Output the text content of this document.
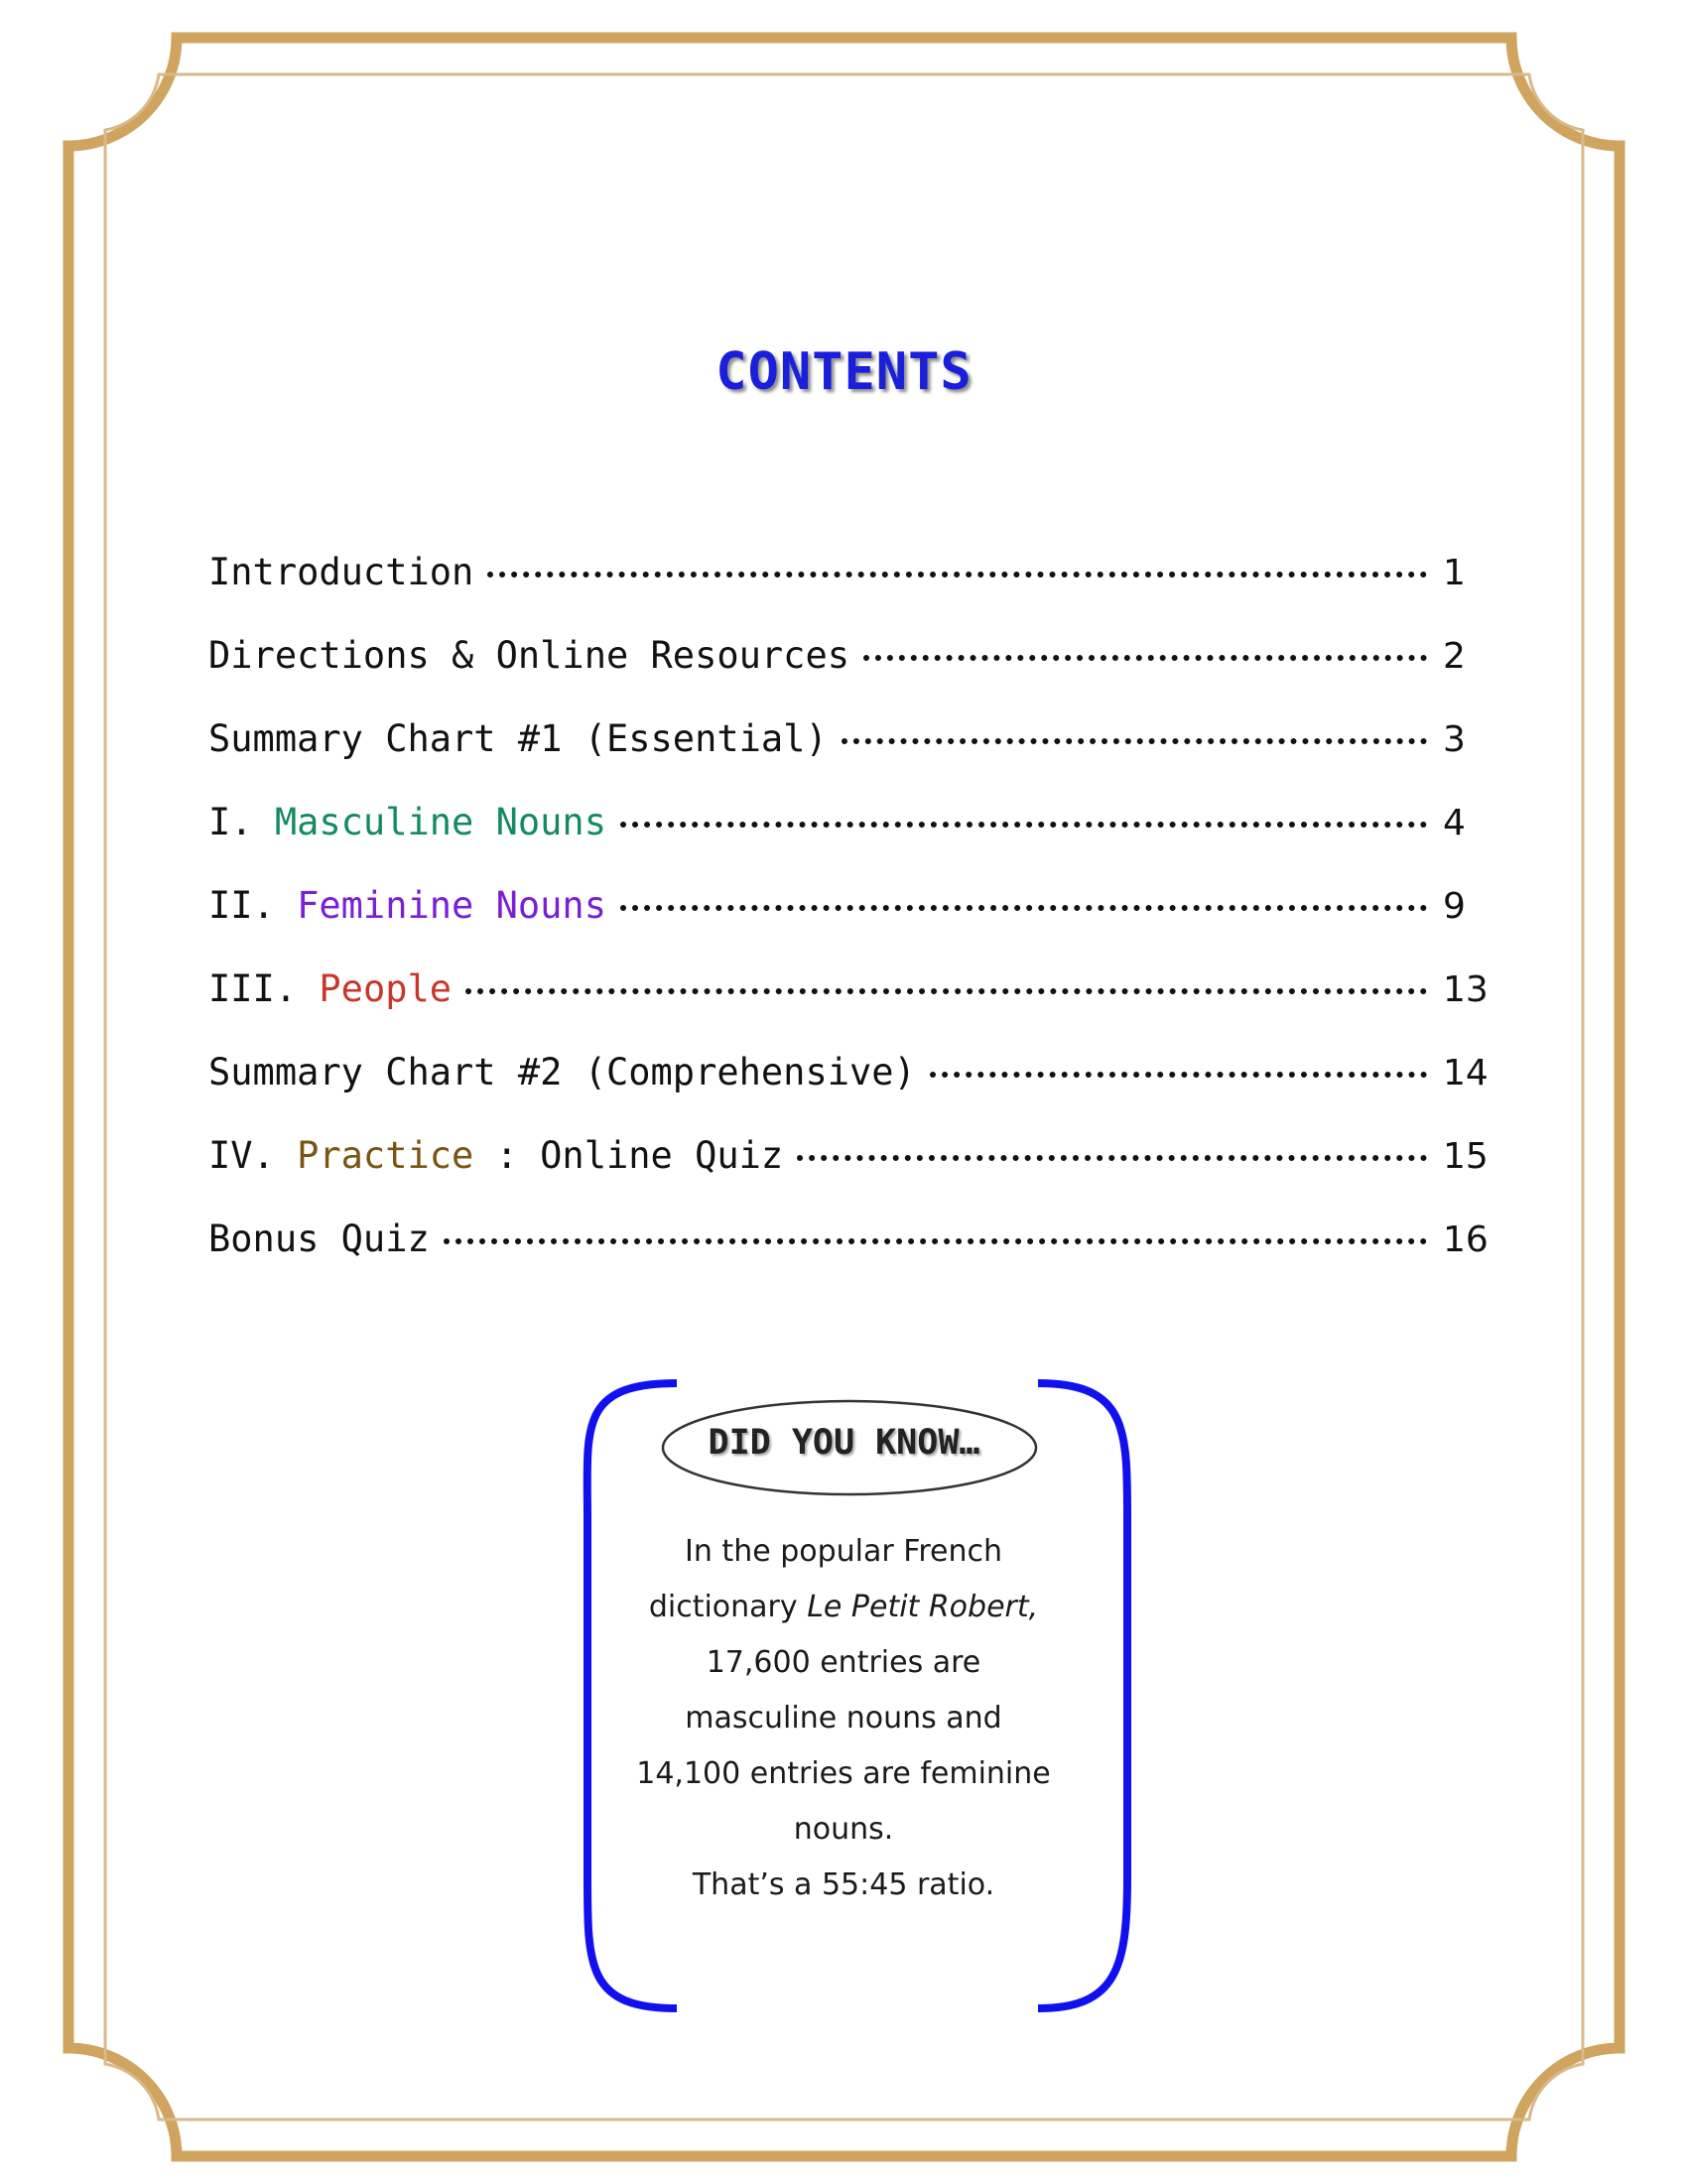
CONTENTS
Introduction	1
Directions & Online Resources	2
Summary Chart #1 (Essential)	3
I. Masculine Nouns	4
II. Feminine Nouns	9
III. People	13
Summary Chart #2 (Comprehensive)	14
IV. Practice : Online Quiz	15
Bonus Quiz	16
DID YOU KNOW…

In the popular French

dictionary Le Petit Robert,

17,600 entries are

masculine nouns and

14,100 entries are feminine

nouns.

That’s a 55:45 ratio.
